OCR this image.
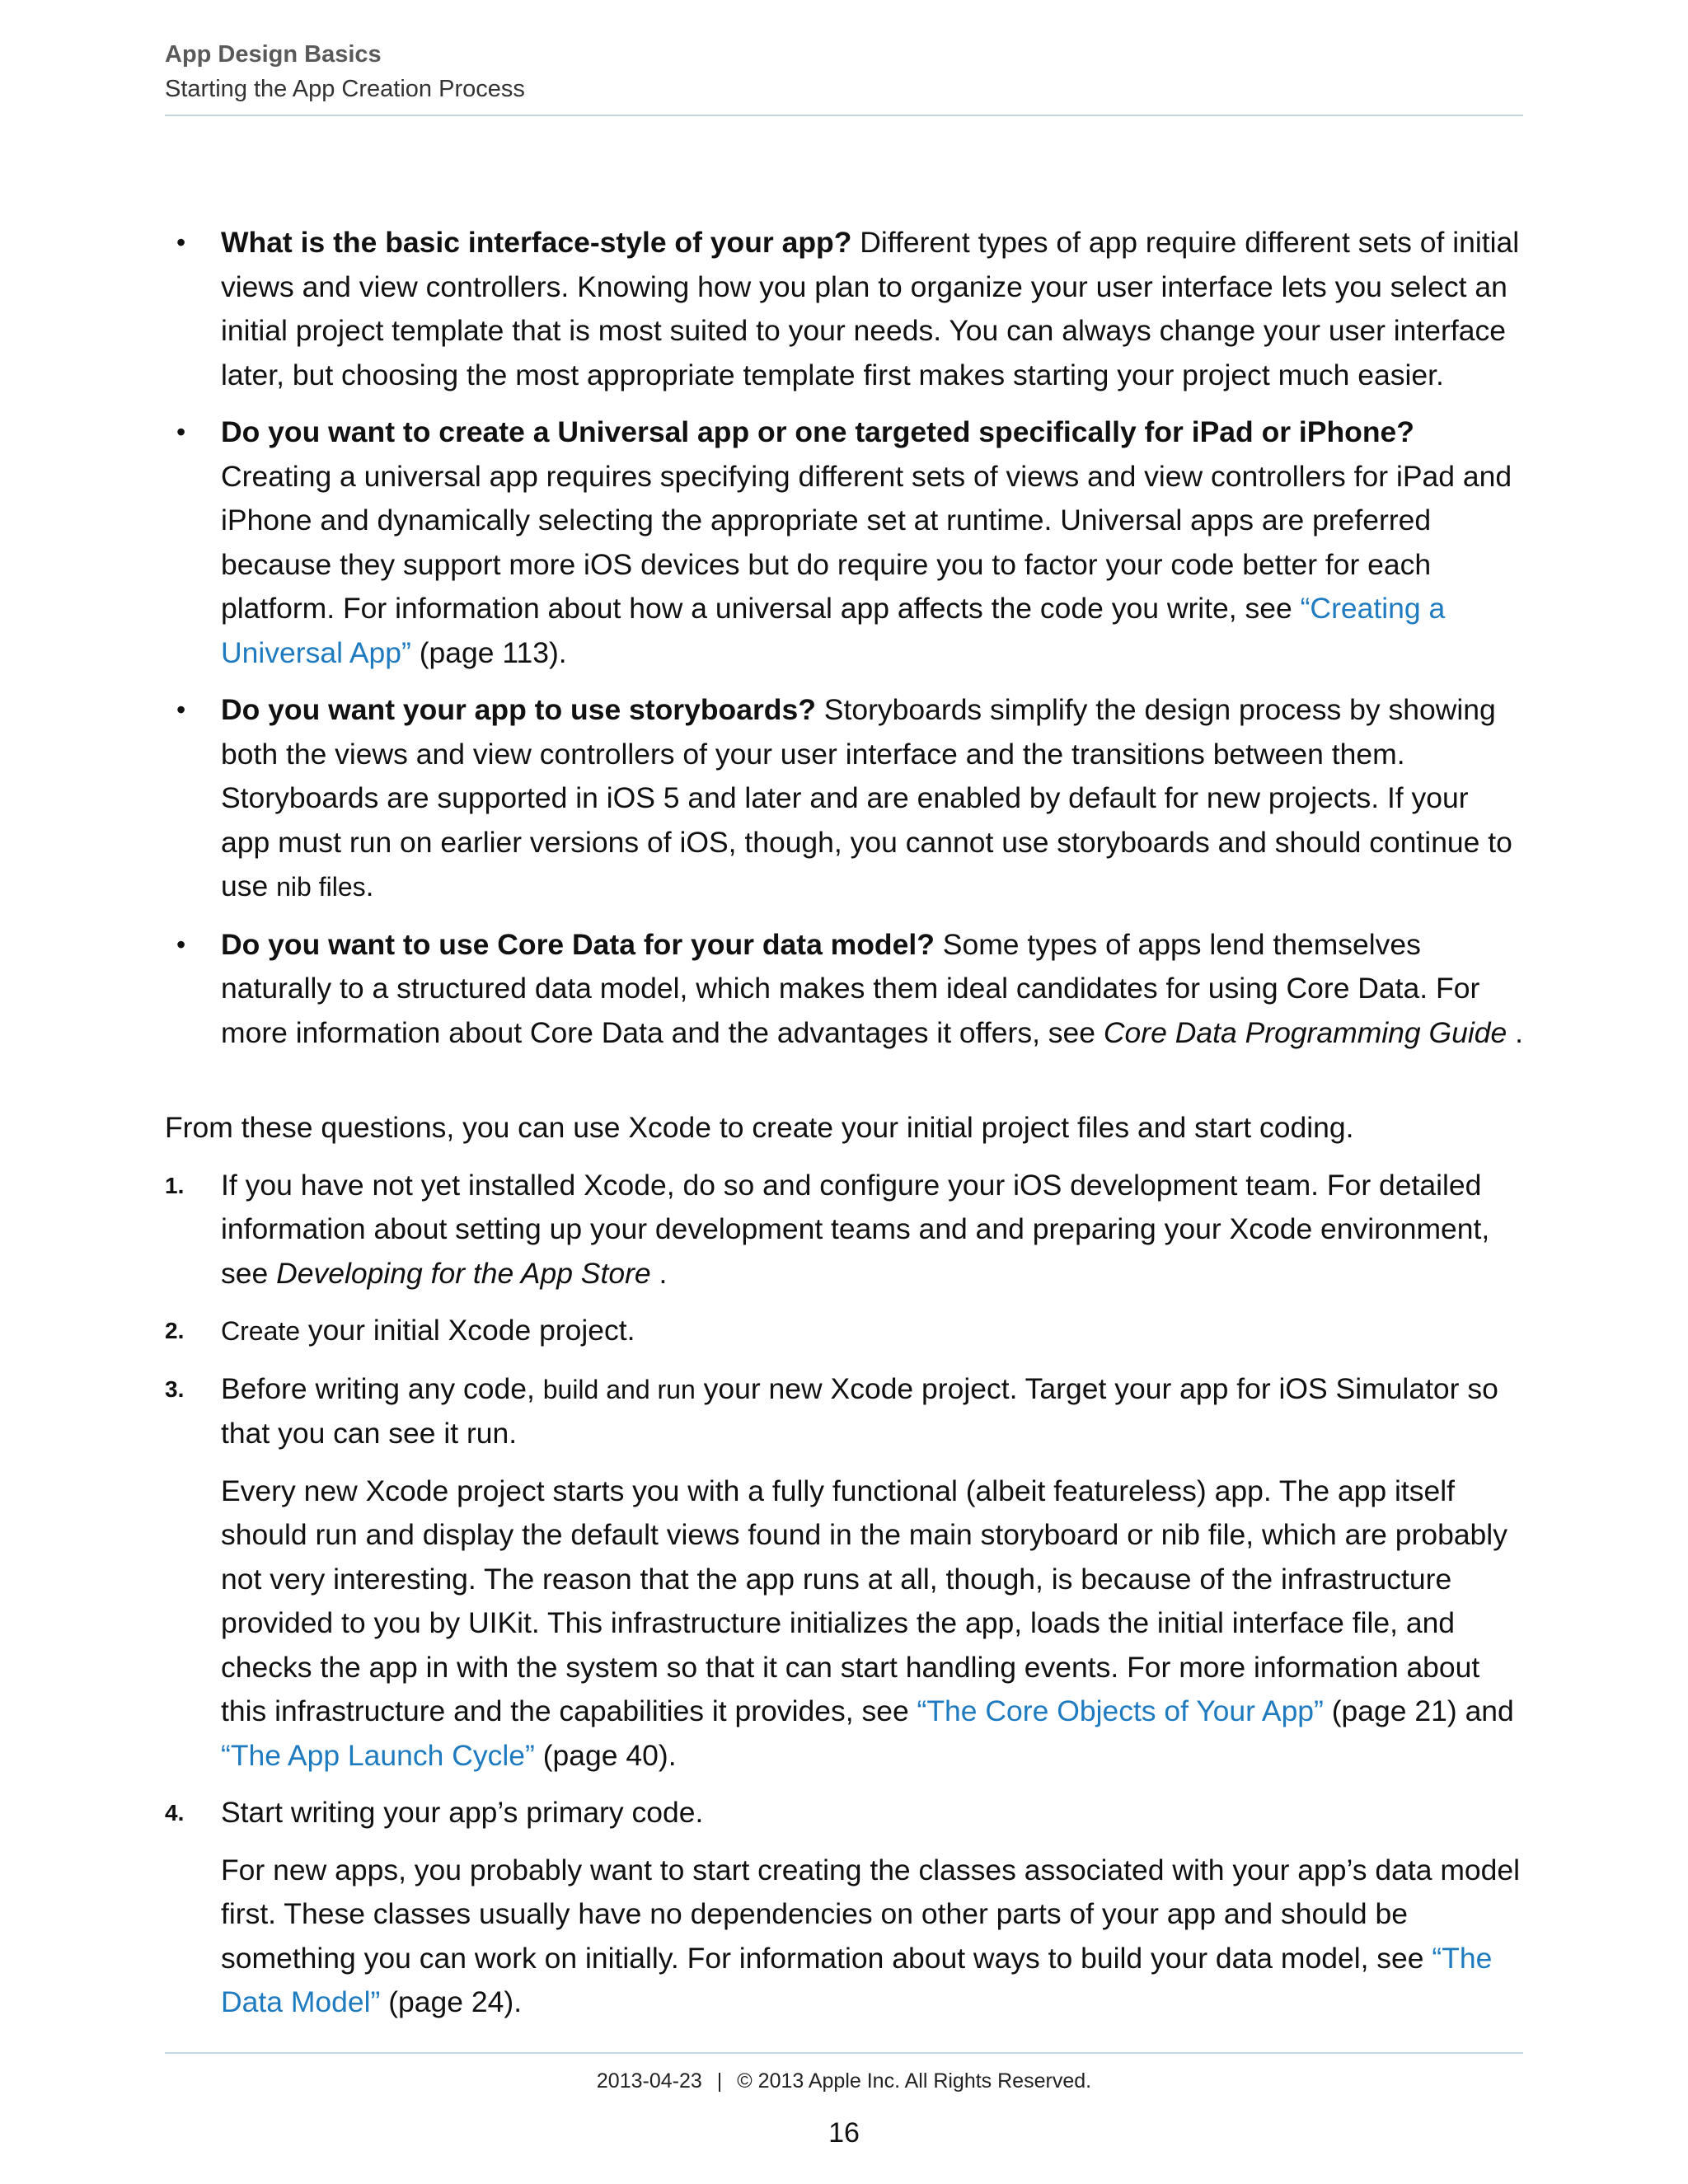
App Design Basics
Starting the App Creation Process
• What is the basic interface-style of your app? Different types of app require different sets of initial views and view controllers. Knowing how you plan to organize your user interface lets you select an initial project template that is most suited to your needs. You can always change your user interface later, but choosing the most appropriate template first makes starting your project much easier.
• Do you want to create a Universal app or one targeted specifically for iPad or iPhone? Creating a universal app requires specifying different sets of views and view controllers for iPad and iPhone and dynamically selecting the appropriate set at runtime. Universal apps are preferred because they support more iOS devices but do require you to factor your code better for each platform. For information about how a universal app affects the code you write, see “Creating a Universal App” (page 113).
• Do you want your app to use storyboards? Storyboards simplify the design process by showing both the views and view controllers of your user interface and the transitions between them. Storyboards are supported in iOS 5 and later and are enabled by default for new projects. If your app must run on earlier versions of iOS, though, you cannot use storyboards and should continue to use nib files.
• Do you want to use Core Data for your data model? Some types of apps lend themselves naturally to a structured data model, which makes them ideal candidates for using Core Data. For more information about Core Data and the advantages it offers, see Core Data Programming Guide .
From these questions, you can use Xcode to create your initial project files and start coding.
1. If you have not yet installed Xcode, do so and configure your iOS development team. For detailed information about setting up your development teams and and preparing your Xcode environment, see Developing for the App Store .
2. Create your initial Xcode project.
3. Before writing any code, build and run your new Xcode project. Target your app for iOS Simulator so that you can see it run.
Every new Xcode project starts you with a fully functional (albeit featureless) app. The app itself should run and display the default views found in the main storyboard or nib file, which are probably not very interesting. The reason that the app runs at all, though, is because of the infrastructure provided to you by UIKit. This infrastructure initializes the app, loads the initial interface file, and checks the app in with the system so that it can start handling events. For more information about this infrastructure and the capabilities it provides, see “The Core Objects of Your App” (page 21) and “The App Launch Cycle” (page 40).
4. Start writing your app’s primary code.
For new apps, you probably want to start creating the classes associated with your app’s data model first. These classes usually have no dependencies on other parts of your app and should be something you can work on initially. For information about ways to build your data model, see “The Data Model” (page 24).
2013-04-23 | © 2013 Apple Inc. All Rights Reserved.
16
